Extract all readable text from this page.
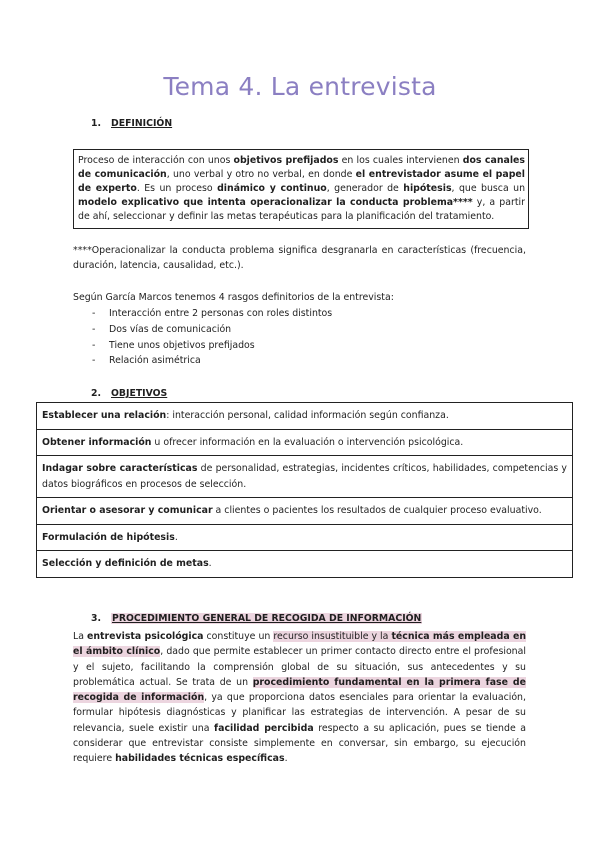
Tema 4. La entrevista
1. DEFINICIÓN
Proceso de interacción con unos objetivos prefijados en los cuales intervienen dos canales de comunicación, uno verbal y otro no verbal, en donde el entrevistador asume el papel de experto. Es un proceso dinámico y continuo, generador de hipótesis, que busca un modelo explicativo que intenta operacionalizar la conducta problema**** y, a partir de ahí, seleccionar y definir las metas terapéuticas para la planificación del tratamiento.
****Operacionalizar la conducta problema significa desgranarla en características (frecuencia, duración, latencia, causalidad, etc.).
Según García Marcos tenemos 4 rasgos definitorios de la entrevista:
- Interacción entre 2 personas con roles distintos
- Dos vías de comunicación
- Tiene unos objetivos prefijados
- Relación asimétrica
2. OBJETIVOS
Establecer una relación: interacción personal, calidad información según confianza.
Obtener información u ofrecer información en la evaluación o intervención psicológica.
Indagar sobre características de personalidad, estrategias, incidentes críticos, habilidades, competencias y datos biográficos en procesos de selección.
Orientar o asesorar y comunicar a clientes o pacientes los resultados de cualquier proceso evaluativo.
Formulación de hipótesis.
Selección y definición de metas.
3. PROCEDIMIENTO GENERAL DE RECOGIDA DE INFORMACIÓN
La entrevista psicológica constituye un recurso insustituible y la técnica más empleada en el ámbito clínico, dado que permite establecer un primer contacto directo entre el profesional y el sujeto, facilitando la comprensión global de su situación, sus antecedentes y su problemática actual. Se trata de un procedimiento fundamental en la primera fase de recogida de información, ya que proporciona datos esenciales para orientar la evaluación, formular hipótesis diagnósticas y planificar las estrategias de intervención. A pesar de su relevancia, suele existir una facilidad percibida respecto a su aplicación, pues se tiende a considerar que entrevistar consiste simplemente en conversar, sin embargo, su ejecución requiere habilidades técnicas específicas.
